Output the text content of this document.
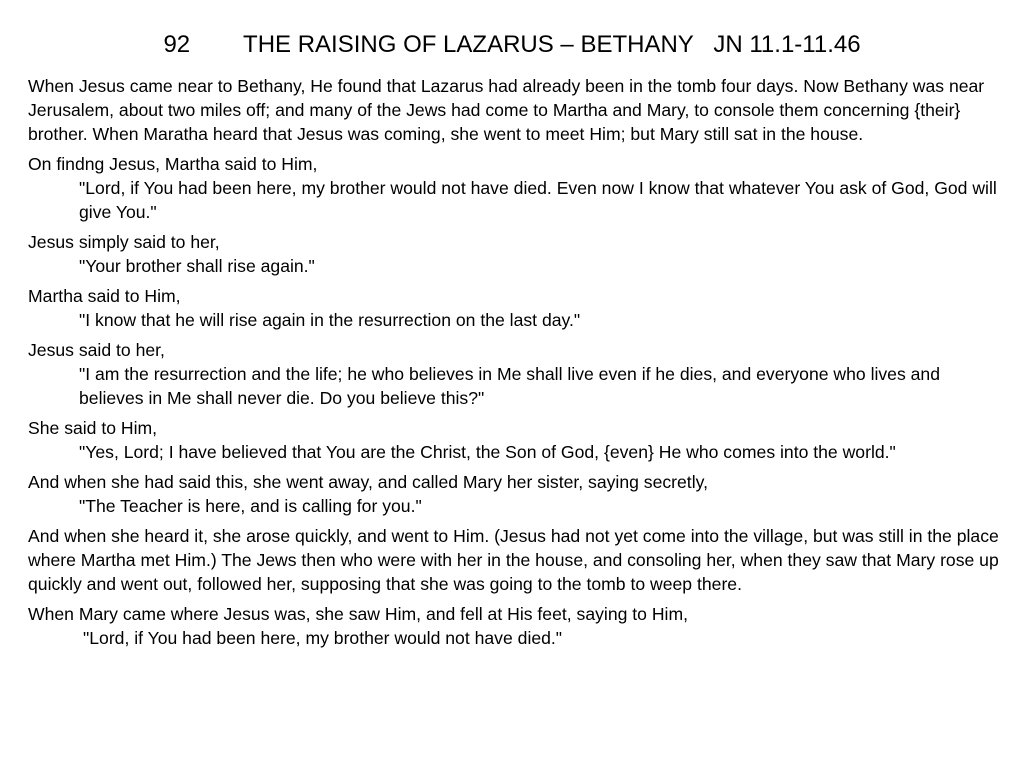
92        THE RAISING OF LAZARUS – BETHANY   JN 11.1-11.46

When Jesus came near to Bethany, He found that Lazarus had already been in the tomb four days. Now Bethany was near Jerusalem, about two miles off; and many of the Jews had come to Martha and Mary, to console them concerning {their} brother. When Maratha heard that Jesus was coming, she went to meet Him; but Mary still sat in the house.

On findng Jesus, Martha said to Him,

"Lord, if You had been here, my brother would not have died. Even now I know that whatever You ask of God, God will give You."

Jesus simply said to her,

"Your brother shall rise again."

Martha said to Him,

"I know that he will rise again in the resurrection on the last day."

Jesus said to her,

"I am the resurrection and the life; he who believes in Me shall live even if he dies, and everyone who lives and believes in Me shall never die. Do you believe this?"

She said to Him,

"Yes, Lord; I have believed that You are the Christ, the Son of God, {even} He who comes into the world."

And when she had said this, she went away, and called Mary her sister, saying secretly,

"The Teacher is here, and is calling for you."

And when she heard it, she arose quickly, and went to Him. (Jesus had not yet come into the village, but was still in the place where Martha met Him.) The Jews then who were with her in the house, and consoling her, when they saw that Mary rose up quickly and went out, followed her, supposing that she was going to the tomb to weep there.

When Mary came where Jesus was, she saw Him, and fell at His feet, saying to Him,

"Lord, if You had been here, my brother would not have died."
